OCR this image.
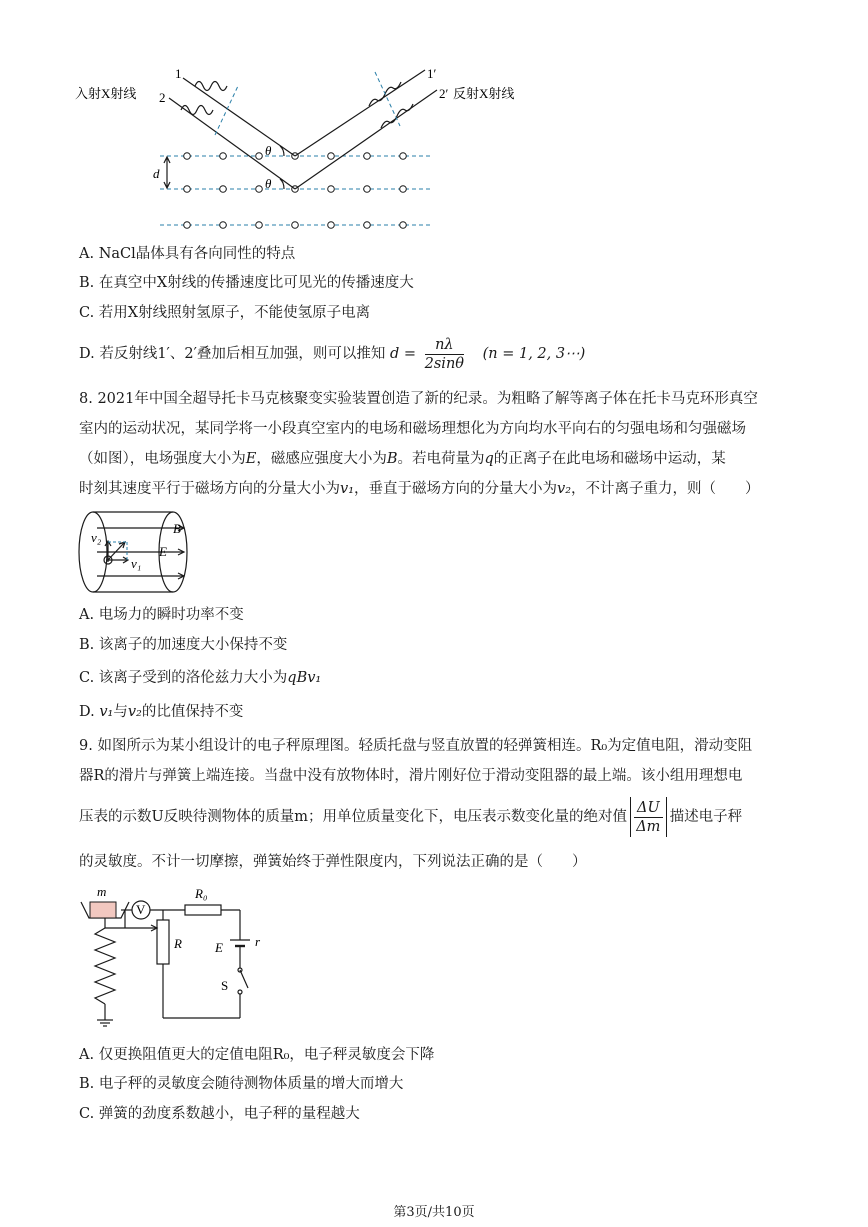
入射X射线
1
2
1′
2′ 反射X射线
d
θ
θ
A. NaCl晶体具有各向同性的特点
B. 在真空中X射线的传播速度比可见光的传播速度大
C. 若用X射线照射氢原子，不能使氢原子电离
D. 若反射线1′、2′叠加后相互加强，则可以推知 $d = \frac{n\lambda}{2\sin\theta} (n = 1$, 2, 3⋯)
8. 2021年中国全超导托卡马克核聚变实验装置创造了新的纪录。为粗略了解等离子体在托卡马克环形真空
室内的运动状况，某同学将一小段真空室内的电场和磁场理想化为方向均水平向右的匀强电场和匀强磁场
（如图），电场强度大小为E，磁感应强度大小为B。若电荷量为q的正离子在此电场和磁场中运动，某
时刻其速度平行于磁场方向的分量大小为v₁，垂直于磁场方向的分量大小为v₂，不计离子重力，则（　　）
B
E
v₂
v₁
A. 电场力的瞬时功率不变
B. 该离子的加速度大小保持不变
C. 该离子受到的洛伦兹力大小为qBv₁
D. v₁与v₂的比值保持不变
9. 如图所示为某小组设计的电子秤原理图。轻质托盘与竖直放置的轻弹簧相连。R₀为定值电阻，滑动变阻
器R的滑片与弹簧上端连接。当盘中没有放物体时，滑片刚好位于滑动变阻器的最上端。该小组用理想电
压表的示数U反映待测物体的质量m；用单位质量变化下，电压表示数变化量的绝对值 $\frac{\Delta U}{\Delta m}$ 描述电子秤
的灵敏度。不计一切摩擦，弹簧始终于弹性限度内，下列说法正确的是（　　）
m
V
R₀
R	E r
S
A. 仅更换阻值更大的定值电阻R₀，电子秤灵敏度会下降
B. 电子秤的灵敏度会随待测物体质量的增大而增大
C. 弹簧的劲度系数越小，电子秤的量程越大
第3页/共10页
